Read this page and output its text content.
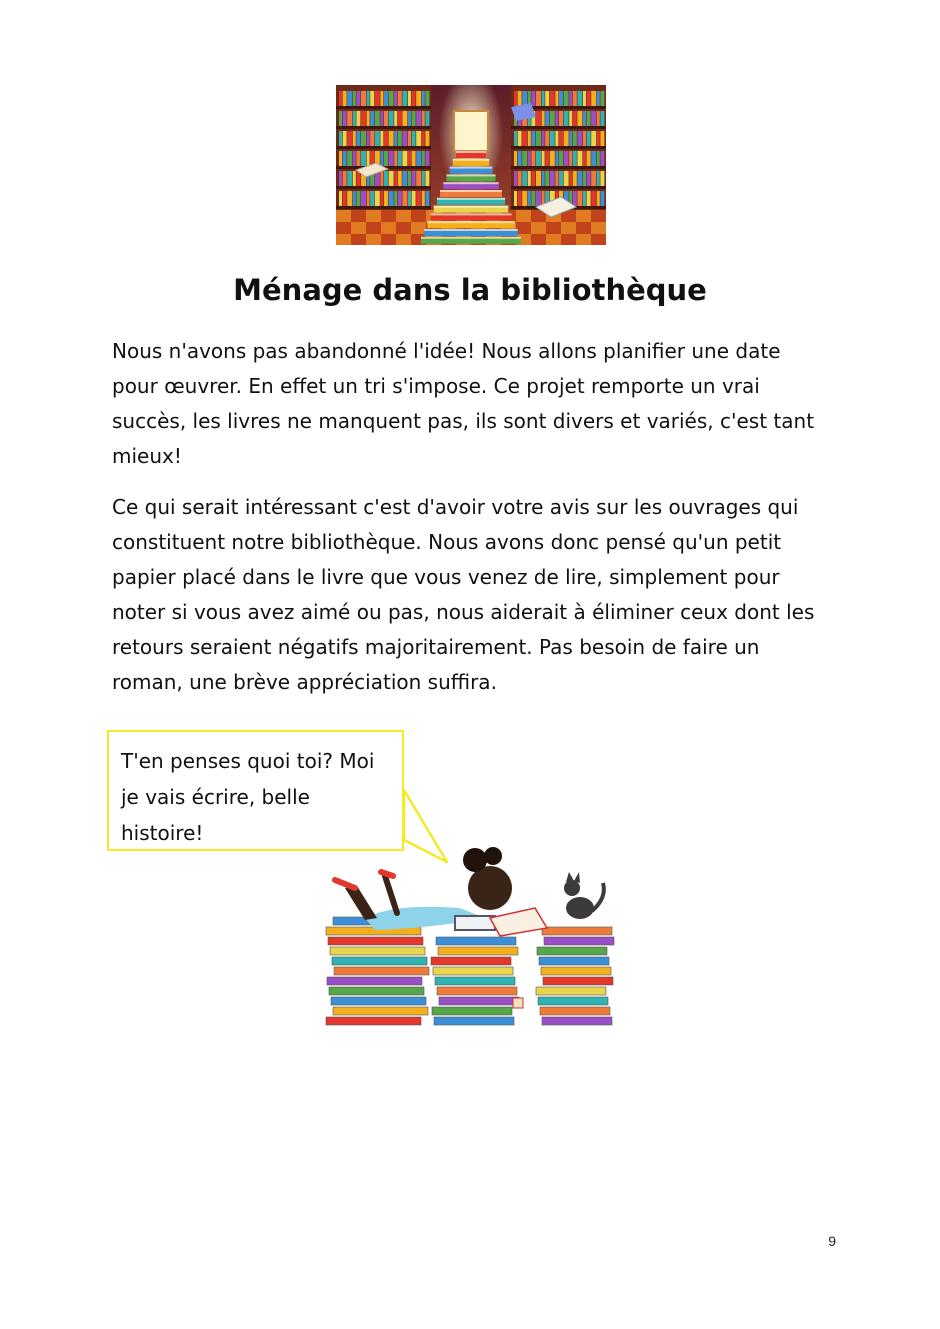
Ménage dans la bibliothèque

Nous n'avons pas abandonné l'idée! Nous allons planifier une date pour œuvrer. En effet un tri s'impose. Ce projet remporte un vrai succès, les livres ne manquent pas, ils sont divers et variés, c'est tant mieux!

Ce qui serait intéressant c'est d'avoir votre avis sur les ouvrages qui constituent notre bibliothèque. Nous avons donc pensé qu'un petit papier placé dans le livre que vous venez de lire, simplement pour noter si vous avez aimé ou pas, nous aiderait à éliminer ceux dont les retours seraient négatifs majoritairement. Pas besoin de faire un roman, une brève appréciation suffira.

T'en penses quoi toi? Moi
je vais écrire, belle
histoire!
9
